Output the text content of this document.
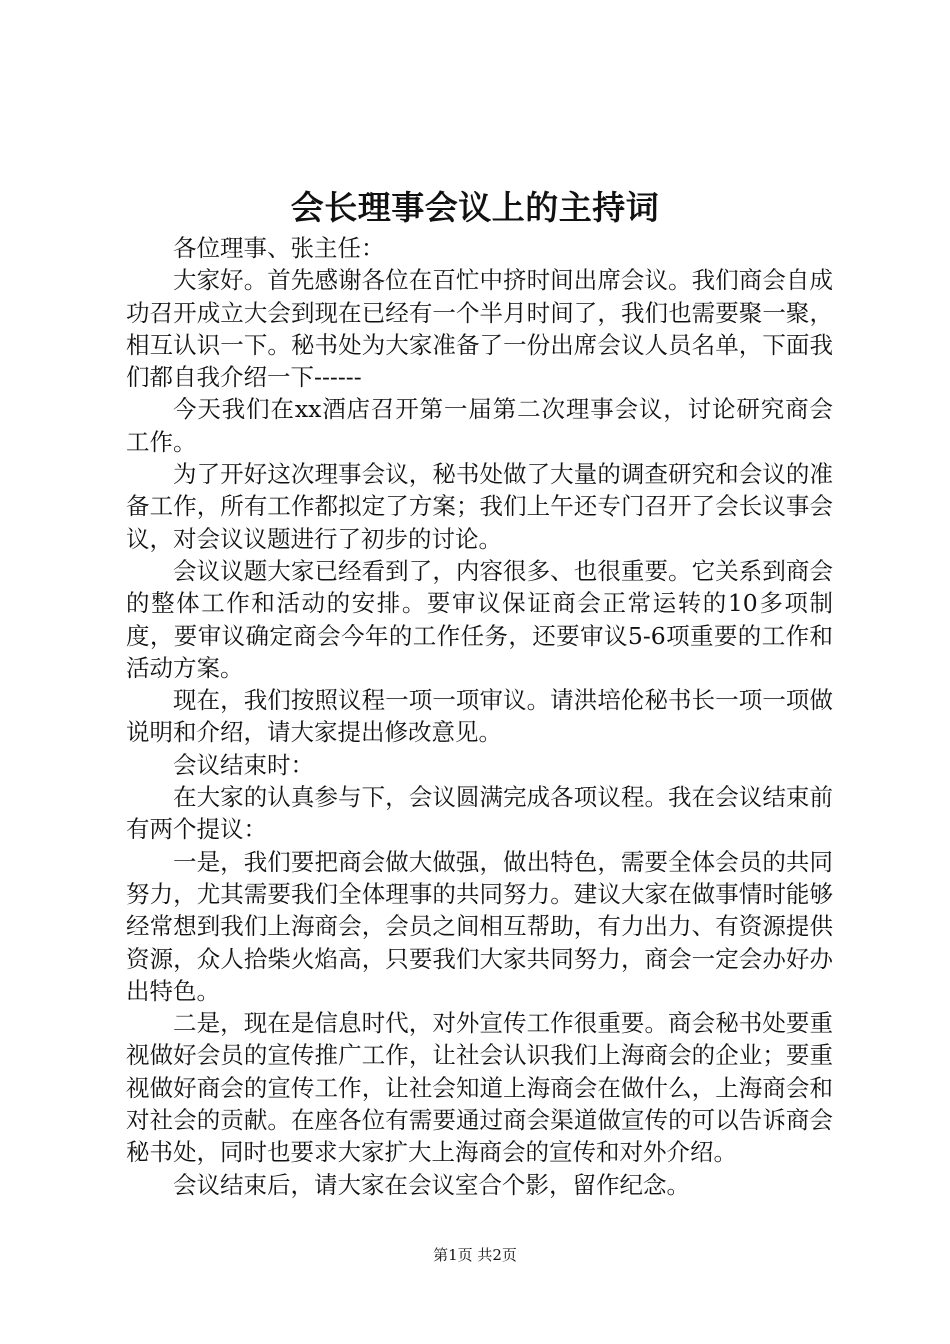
会长理事会议上的主持词

各位理事、张主任：

大家好。首先感谢各位在百忙中挤时间出席会议。我们商会自成功召开成立大会到现在已经有一个半月时间了，我们也需要聚一聚，相互认识一下。秘书处为大家准备了一份出席会议人员名单，下面我们都自我介绍一下------

今天我们在xx酒店召开第一届第二次理事会议，讨论研究商会工作。

为了开好这次理事会议，秘书处做了大量的调查研究和会议的准备工作，所有工作都拟定了方案；我们上午还专门召开了会长议事会议，对会议议题进行了初步的讨论。

会议议题大家已经看到了，内容很多、也很重要。它关系到商会的整体工作和活动的安排。要审议保证商会正常运转的10多项制度，要审议确定商会今年的工作任务，还要审议5-6项重要的工作和活动方案。

现在，我们按照议程一项一项审议。请洪培伦秘书长一项一项做说明和介绍，请大家提出修改意见。

会议结束时：

在大家的认真参与下，会议圆满完成各项议程。我在会议结束前有两个提议：

一是，我们要把商会做大做强，做出特色，需要全体会员的共同努力，尤其需要我们全体理事的共同努力。建议大家在做事情时能够经常想到我们上海商会，会员之间相互帮助，有力出力、有资源提供资源，众人拾柴火焰高，只要我们大家共同努力，商会一定会办好办出特色。

二是，现在是信息时代，对外宣传工作很重要。商会秘书处要重视做好会员的宣传推广工作，让社会认识我们上海商会的企业；要重视做好商会的宣传工作，让社会知道上海商会在做什么，上海商会和对社会的贡献。在座各位有需要通过商会渠道做宣传的可以告诉商会秘书处，同时也要求大家扩大上海商会的宣传和对外介绍。

会议结束后，请大家在会议室合个影，留作纪念。

第1页 共2页
